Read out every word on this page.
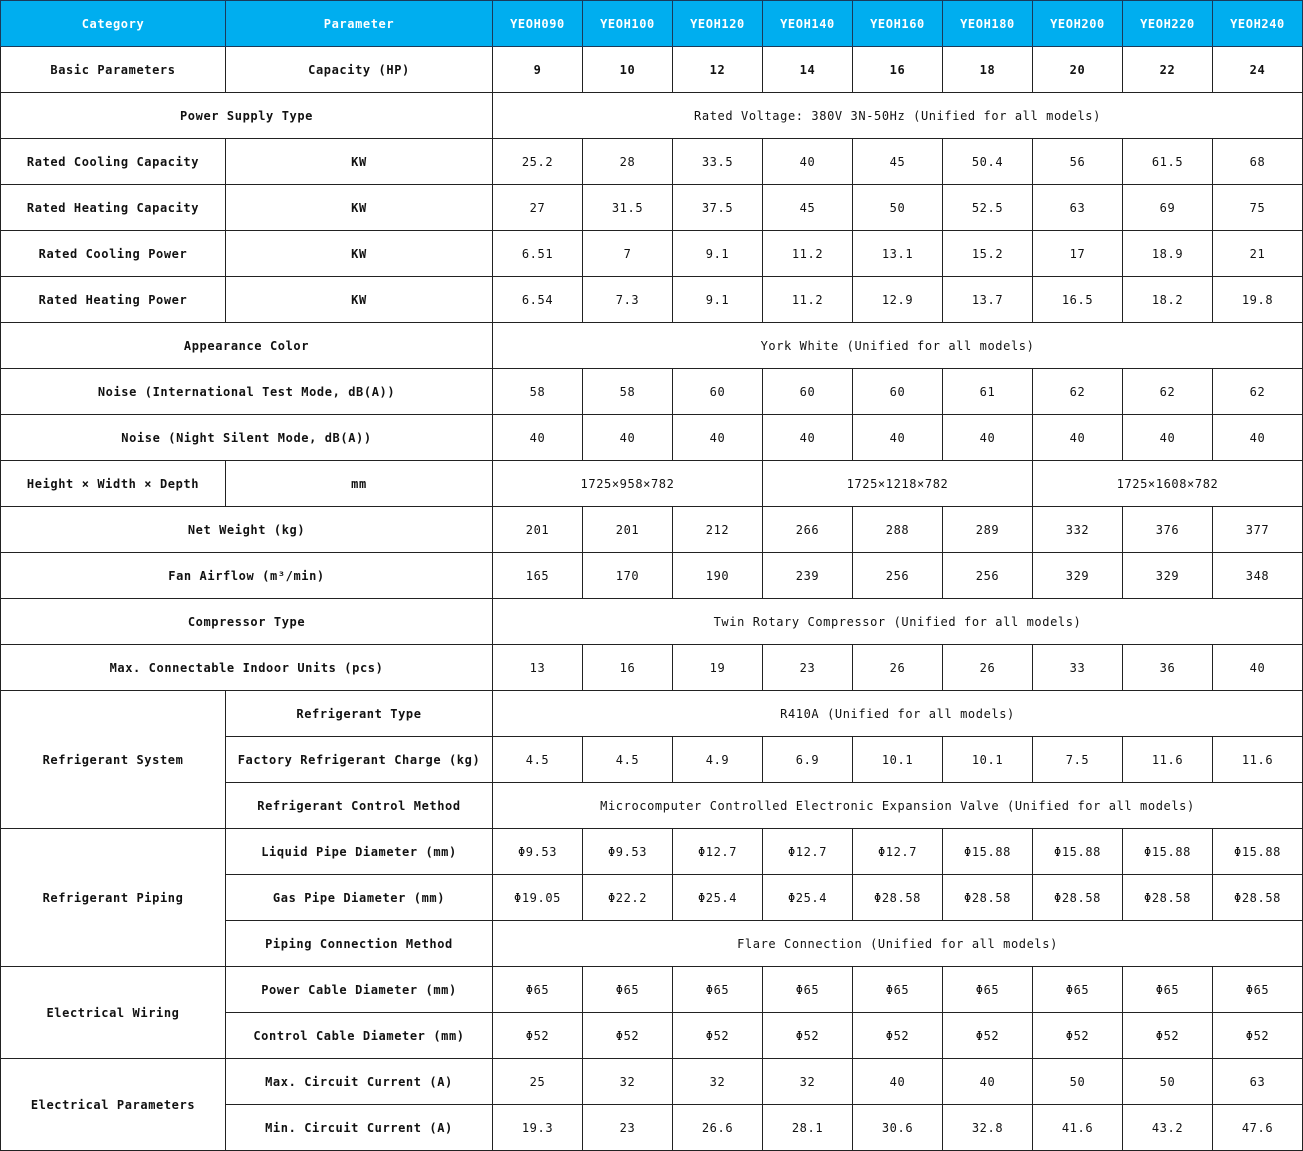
Category	Parameter	YEOH090	YEOH100	YEOH120	YEOH140	YEOH160	YEOH180	YEOH200	YEOH220	YEOH240
Basic Parameters	Capacity (HP)	9	10	12	14	16	18	20	22	24
Power Supply Type		Rated Voltage: 380V 3N-50Hz (Unified for all models)								
Rated Cooling Capacity	KW	25.2	28	33.5	40	45	50.4	56	61.5	68
Rated Heating Capacity	KW	27	31.5	37.5	45	50	52.5	63	69	75
Rated Cooling Power	KW	6.51	7	9.1	11.2	13.1	15.2	17	18.9	21
Rated Heating Power	KW	6.54	7.3	9.1	11.2	12.9	13.7	16.5	18.2	19.8
Appearance Color		York White (Unified for all models)								
Noise (International Test Mode, dB(A))		58	58	60	60	60	61	62	62	62
Noise (Night Silent Mode, dB(A))		40	40	40	40	40	40	40	40	40
Height × Width × Depth	mm	1725×958×782			1725×1218×782			1725×1608×782		
Net Weight (kg)		201	201	212	266	288	289	332	376	377
Fan Airflow (m³/min)		165	170	190	239	256	256	329	329	348
Compressor Type		Twin Rotary Compressor (Unified for all models)								
Max. Connectable Indoor Units (pcs)		13	16	19	23	26	26	33	36	40
Refrigerant System	Refrigerant Type	R410A (Unified for all models)								
	Factory Refrigerant Charge (kg)	4.5	4.5	4.9	6.9	10.1	10.1	7.5	11.6	11.6
	Refrigerant Control Method	Microcomputer Controlled Electronic Expansion Valve (Unified for all models)								
Refrigerant Piping	Liquid Pipe Diameter (mm)	Φ9.53	Φ9.53	Φ12.7	Φ12.7	Φ12.7	Φ15.88	Φ15.88	Φ15.88	Φ15.88
	Gas Pipe Diameter (mm)	Φ19.05	Φ22.2	Φ25.4	Φ25.4	Φ28.58	Φ28.58	Φ28.58	Φ28.58	Φ28.58
	Piping Connection Method	Flare Connection (Unified for all models)								
Electrical Wiring	Power Cable Diameter (mm)	Φ65	Φ65	Φ65	Φ65	Φ65	Φ65	Φ65	Φ65	Φ65
	Control Cable Diameter (mm)	Φ52	Φ52	Φ52	Φ52	Φ52	Φ52	Φ52	Φ52	Φ52
Electrical Parameters	Max. Circuit Current (A)	25	32	32	32	40	40	50	50	63
	Min. Circuit Current (A)	19.3	23	26.6	28.1	30.6	32.8	41.6	43.2	47.6
